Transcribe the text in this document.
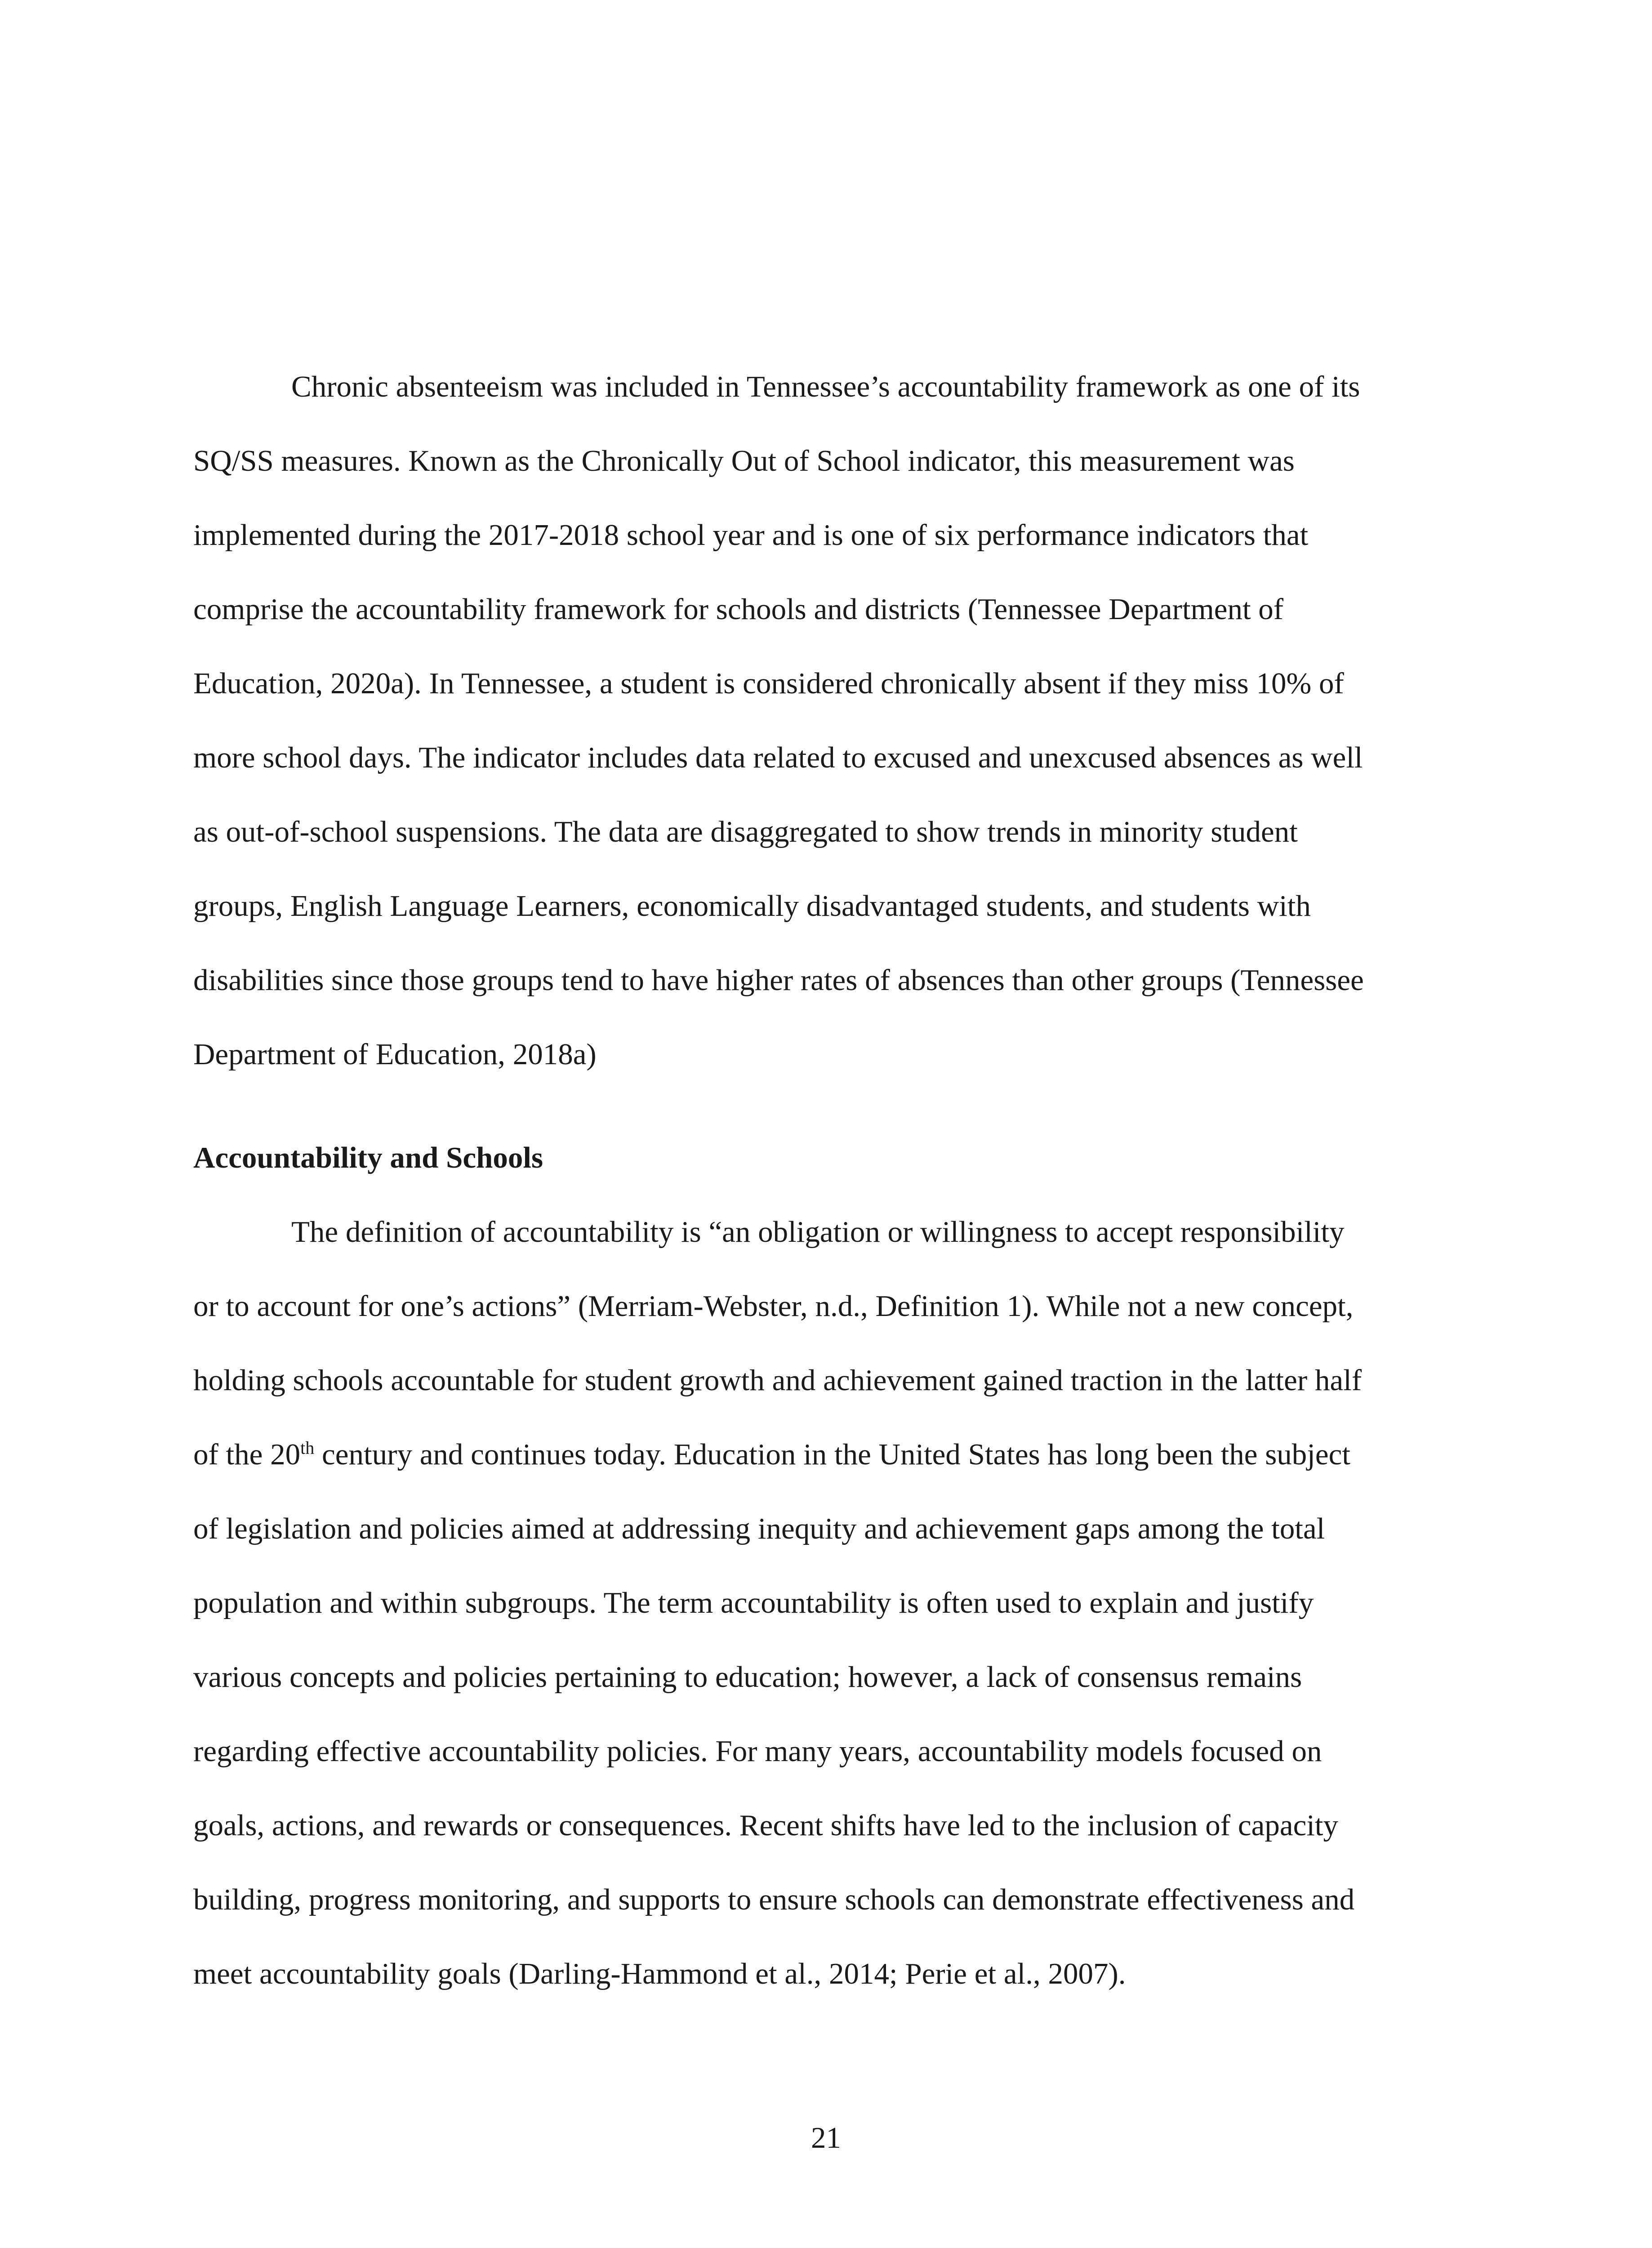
Chronic absenteeism was included in Tennessee’s accountability framework as one of its
SQ/SS measures. Known as the Chronically Out of School indicator, this measurement was
implemented during the 2017-2018 school year and is one of six performance indicators that
comprise the accountability framework for schools and districts (Tennessee Department of
Education, 2020a). In Tennessee, a student is considered chronically absent if they miss 10% of
more school days. The indicator includes data related to excused and unexcused absences as well
as out-of-school suspensions. The data are disaggregated to show trends in minority student
groups, English Language Learners, economically disadvantaged students, and students with
disabilities since those groups tend to have higher rates of absences than other groups (Tennessee
Department of Education, 2018a)
Accountability and Schools
The definition of accountability is “an obligation or willingness to accept responsibility
or to account for one’s actions” (Merriam-Webster, n.d., Definition 1). While not a new concept,
holding schools accountable for student growth and achievement gained traction in the latter half
of the 20th century and continues today. Education in the United States has long been the subject
of legislation and policies aimed at addressing inequity and achievement gaps among the total
population and within subgroups. The term accountability is often used to explain and justify
various concepts and policies pertaining to education; however, a lack of consensus remains
regarding effective accountability policies. For many years, accountability models focused on
goals, actions, and rewards or consequences. Recent shifts have led to the inclusion of capacity
building, progress monitoring, and supports to ensure schools can demonstrate effectiveness and
meet accountability goals (Darling-Hammond et al., 2014; Perie et al., 2007).
21
